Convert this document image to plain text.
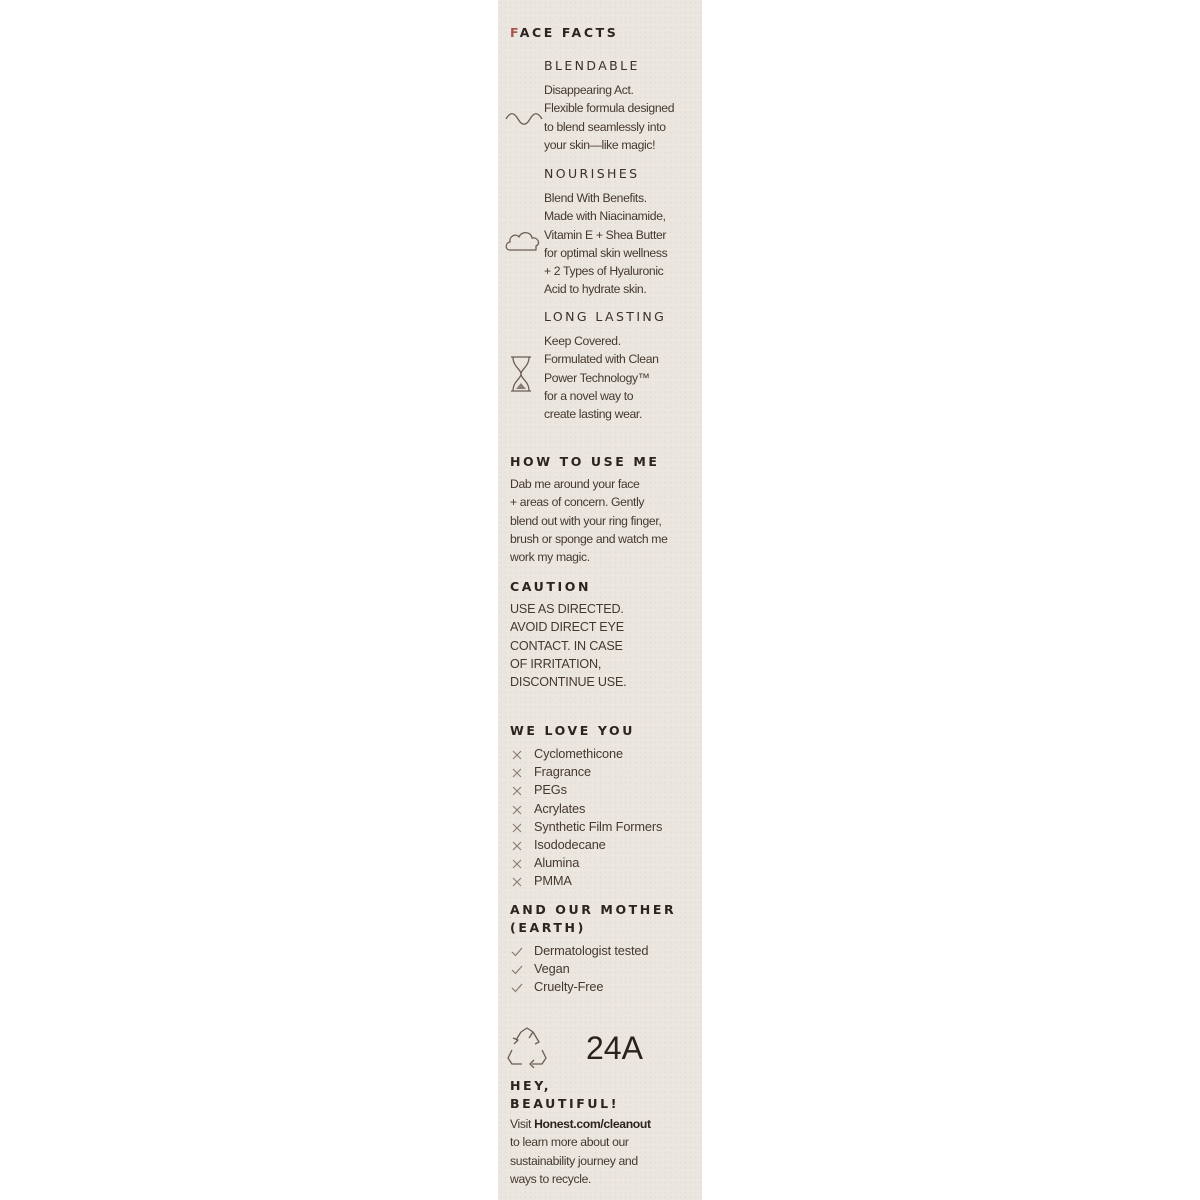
FACE FACTS
BLENDABLE
Disappearing Act.
Flexible formula designed
to blend seamlessly into
your skin—like magic!
NOURISHES
Blend With Benefits.
Made with Niacinamide,
Vitamin E + Shea Butter
for optimal skin wellness
+ 2 Types of Hyaluronic
Acid to hydrate skin.
LONG LASTING
Keep Covered.
Formulated with Clean
Power Technology™
for a novel way to
create lasting wear.
HOW TO USE ME
Dab me around your face
+ areas of concern. Gently
blend out with your ring finger,
brush or sponge and watch me
work my magic.
CAUTION
USE AS DIRECTED.
AVOID DIRECT EYE
CONTACT. IN CASE
OF IRRITATION,
DISCONTINUE USE.
WE LOVE YOU
Cyclomethicone
Fragrance
PEGs
Acrylates
Synthetic Film Formers
Isododecane
Alumina
PMMA
AND OUR MOTHER
(EARTH)
Dermatologist tested
Vegan
Cruelty-Free
24A
HEY,
BEAUTIFUL!
Visit Honest.com/cleanout
to learn more about our
sustainability journey and
ways to recycle.
